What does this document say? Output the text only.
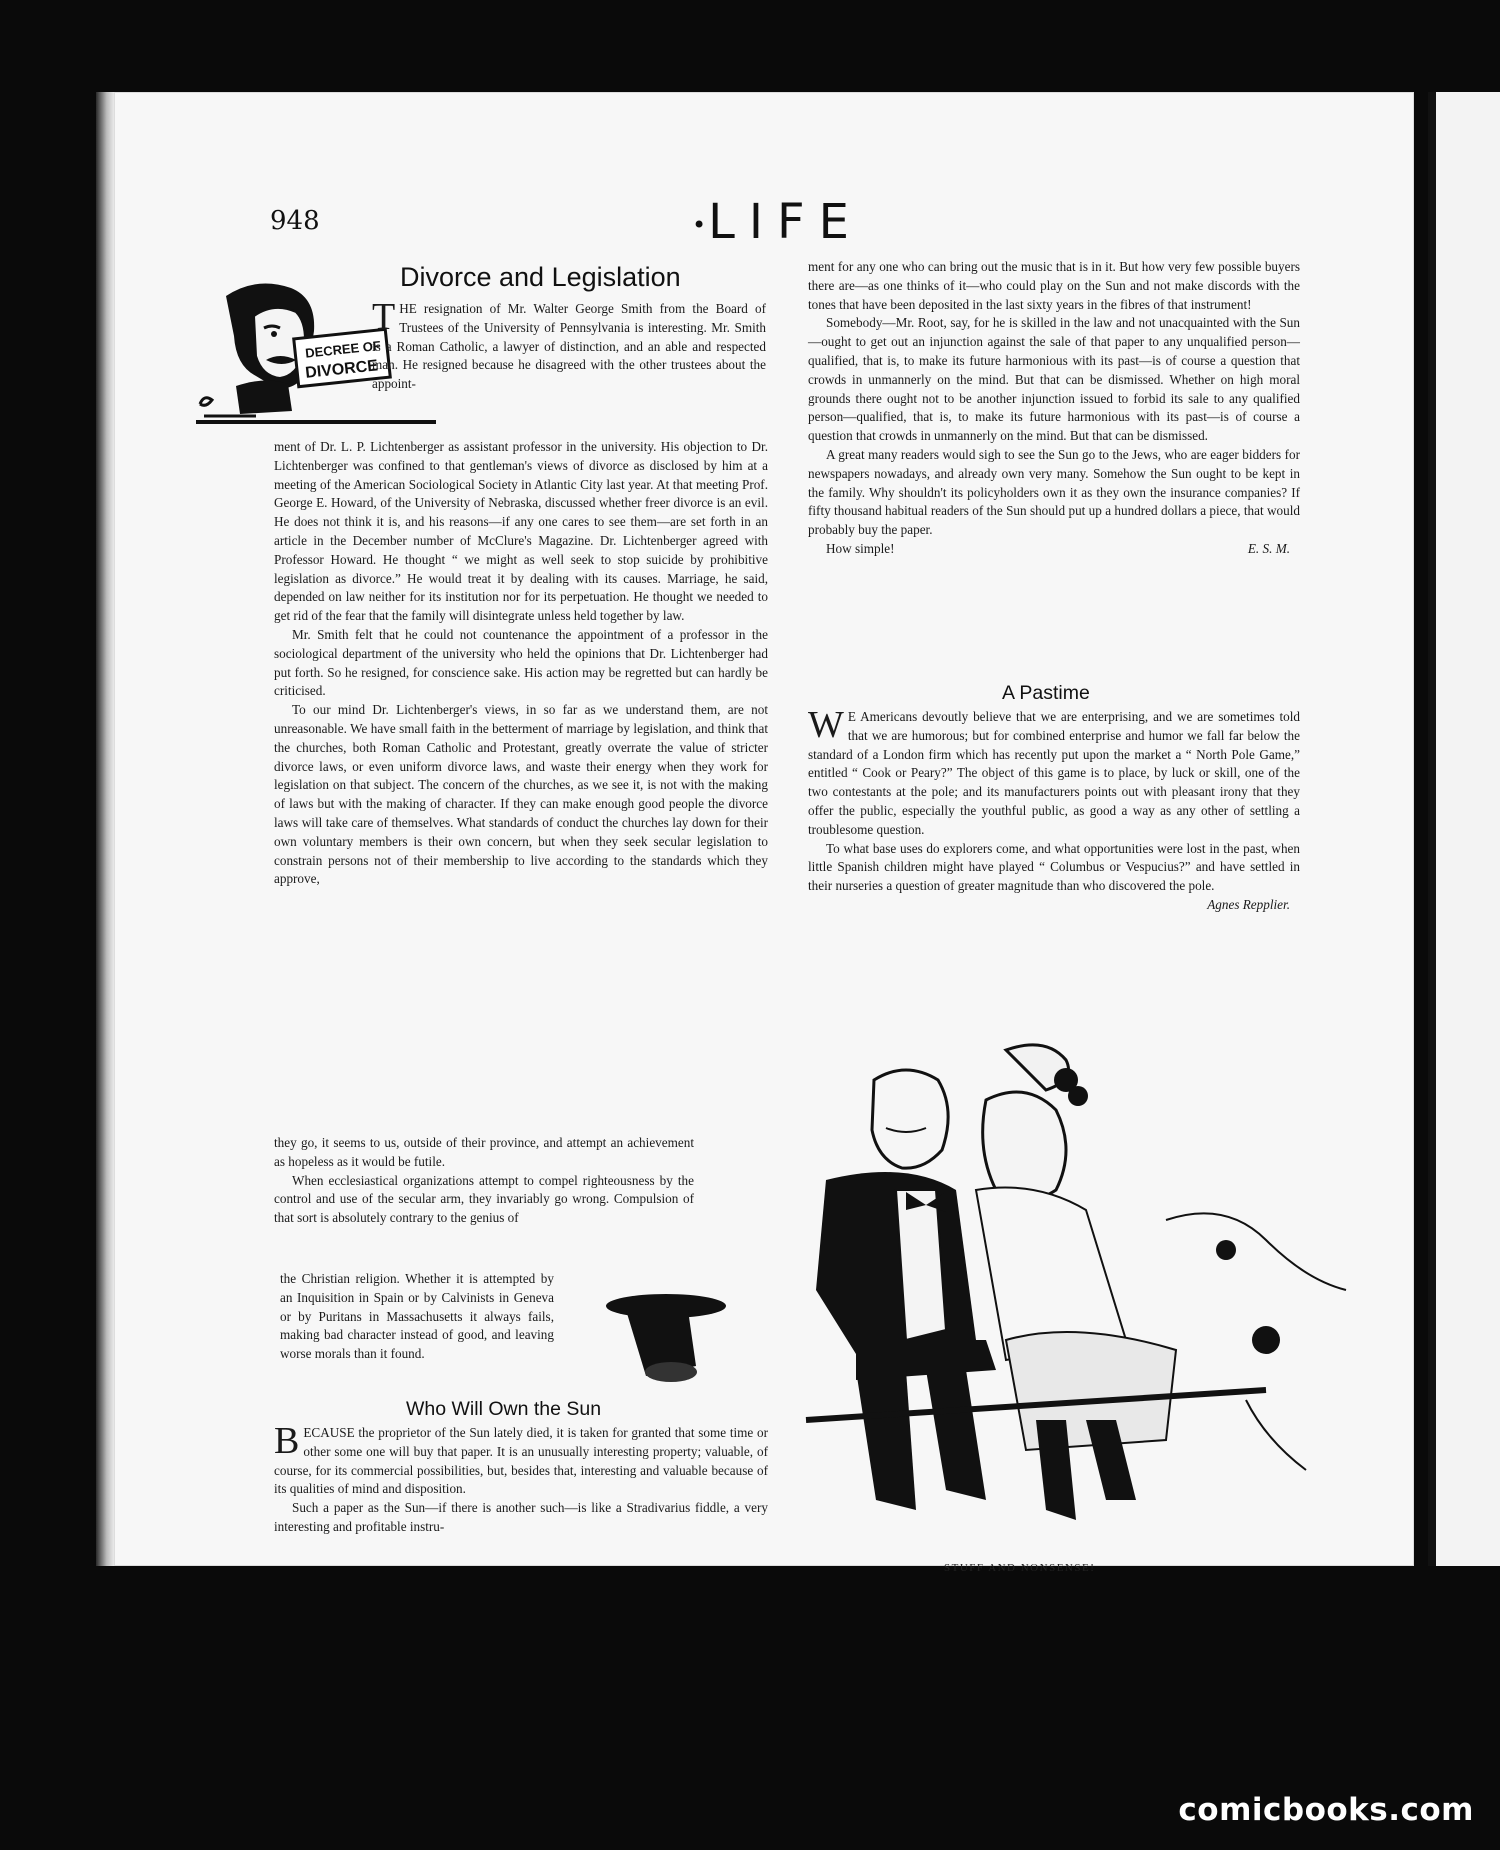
948	•LIFE
DECREE OF
DIVORCE
Divorce and Legislation

THE resignation of Mr. Walter George Smith from the Board of Trustees of the University of Pennsylvania is interesting. Mr. Smith is a Roman Catholic, a lawyer of distinction, and an able and respected man. He resigned because he disagreed with the other trustees about the appoint-

ment of Dr. L. P. Lichtenberger as assistant professor in the university. His objection to Dr. Lichtenberger was confined to that gentleman's views of divorce as disclosed by him at a meeting of the American Sociological Society in Atlantic City last year. At that meeting Prof. George E. Howard, of the University of Nebraska, discussed whether freer divorce is an evil. He does not think it is, and his reasons—if any one cares to see them—are set forth in an article in the December number of McClure's Magazine. Dr. Lichtenberger agreed with Professor Howard. He thought “ we might as well seek to stop suicide by prohibitive legislation as divorce.” He would treat it by dealing with its causes. Marriage, he said, depended on law neither for its institution nor for its perpetuation. He thought we needed to get rid of the fear that the family will disintegrate unless held together by law.

Mr. Smith felt that he could not countenance the appointment of a professor in the sociological department of the university who held the opinions that Dr. Lichtenberger had put forth. So he resigned, for conscience sake. His action may be regretted but can hardly be criticised.

To our mind Dr. Lichtenberger's views, in so far as we understand them, are not unreasonable. We have small faith in the betterment of marriage by legislation, and think that the churches, both Roman Catholic and Protestant, greatly overrate the value of stricter divorce laws, or even uniform divorce laws, and waste their energy when they work for legislation on that subject. The concern of the churches, as we see it, is not with the making of laws but with the making of character. If they can make enough good people the divorce laws will take care of themselves. What standards of conduct the churches lay down for their own voluntary members is their own concern, but when they seek secular legislation to constrain persons not of their membership to live according to the standards which they approve,

they go, it seems to us, outside of their province, and attempt an achievement as hopeless as it would be futile.

When ecclesiastical organizations attempt to compel righteousness by the control and use of the secular arm, they invariably go wrong. Compulsion of that sort is absolutely contrary to the genius of

the Christian religion. Whether it is attempted by an Inquisition in Spain or by Calvinists in Geneva or by Puritans in Massachusetts it always fails, making bad character instead of good, and leaving worse morals than it found.

Who Will Own the Sun

BECAUSE the proprietor of the Sun lately died, it is taken for granted that some time or other some one will buy that paper. It is an unusually interesting property; valuable, of course, for its commercial possibilities, but, besides that, interesting and valuable because of its qualities of mind and disposition.

Such a paper as the Sun—if there is another such—is like a Stradivarius fiddle, a very interesting and profitable instru-

ment for any one who can bring out the music that is in it. But how very few possible buyers there are—as one thinks of it—who could play on the Sun and not make discords with the tones that have been deposited in the last sixty years in the fibres of that instrument!

Somebody—Mr. Root, say, for he is skilled in the law and not unacquainted with the Sun—ought to get out an injunction against the sale of that paper to any unqualified person—qualified, that is, to make its future harmonious with its past—is of course a question that crowds in unmannerly on the mind. But that can be dismissed. Whether on high moral grounds there ought not to be another injunction issued to forbid its sale to any qualified person—qualified, that is, to make its future harmonious with its past—is of course a question that crowds in unmannerly on the mind. But that can be dismissed.

A great many readers would sigh to see the Sun go to the Jews, who are eager bidders for newspapers nowadays, and already own very many. Somehow the Sun ought to be kept in the family. Why shouldn't its policyholders own it as they own the insurance companies? If fifty thousand habitual readers of the Sun should put up a hundred dollars a piece, that would probably buy the paper.

How simple!	E. S. M.
A Pastime

W E Americans devoutly believe that we are enterprising, and we are sometimes told that we are humorous; but for combined enterprise and humor we fall far below the standard of a London firm which has recently put upon the market a “ North Pole Game,” entitled “ Cook or Peary?” The object of this game is to place, by luck or skill, one of the two contestants at the pole; and its manufacturers points out with pleasant irony that they offer the public, especially the youthful public, as good a way as any other of settling a troublesome question.

To what base uses do explorers come, and what opportunities were lost in the past, when little Spanish children might have played “ Columbus or Vespucius?” and have settled in their nurseries a question of greater magnitude than who discovered the pole.

Agnes Repplier.
STUFF AND NONSENSE!
comicbooks.com
